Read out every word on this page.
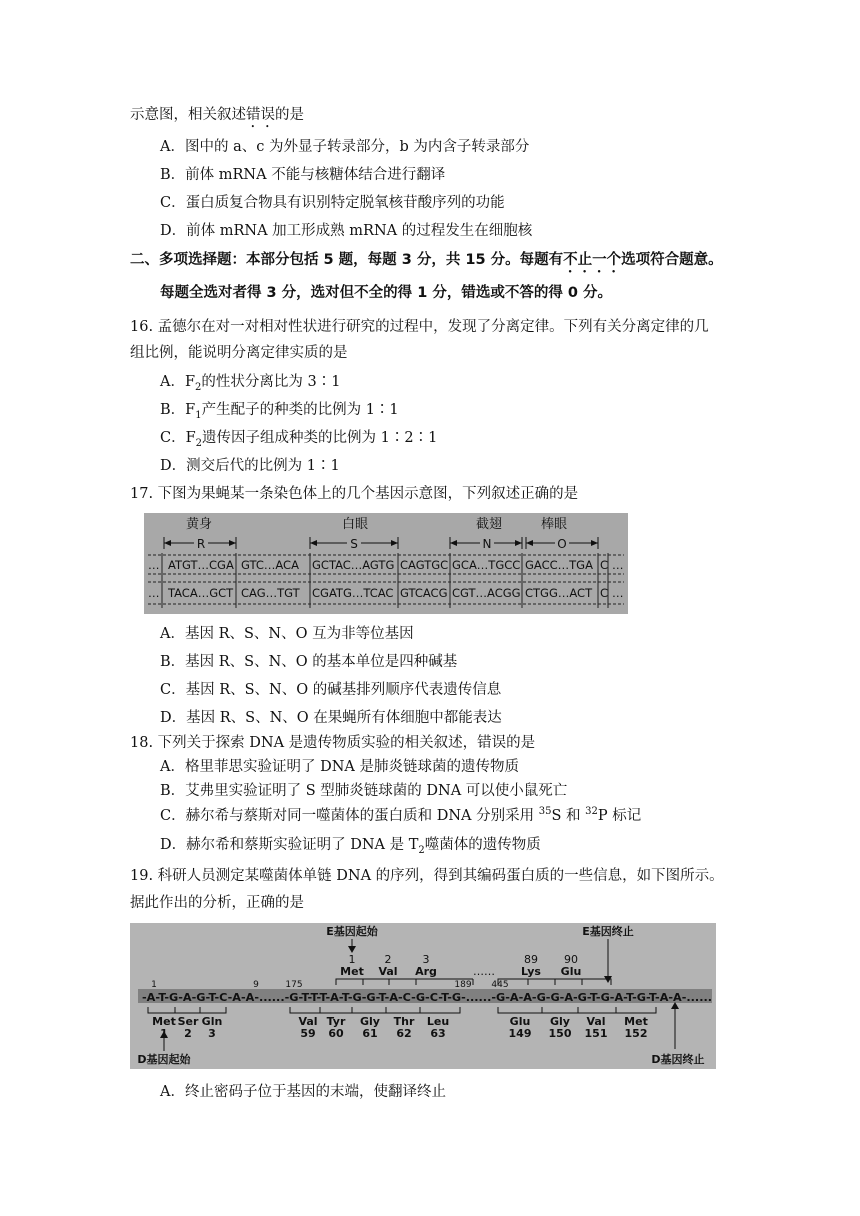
示意图，相关叙述错误的是
A．图中的 a、c 为外显子转录部分，b 为内含子转录部分
B．前体 mRNA 不能与核糖体结合进行翻译
C．蛋白质复合物具有识别特定脱氧核苷酸序列的功能
D．前体 mRNA 加工形成熟 mRNA 的过程发生在细胞核
二、多项选择题：本部分包括 5 题，每题 3 分，共 15 分。每题有不止一个选项符合题意。
每题全选对者得 3 分，选对但不全的得 1 分，错选或不答的得 0 分。
16. 孟德尔在对一对相对性状进行研究的过程中，发现了分离定律。下列有关分离定律的几
组比例，能说明分离定律实质的是
A．$F_2$的性状分离比为 3∶1
B．$F_1$产生配子的种类的比例为 1∶1
C．$F_2$遗传因子组成种类的比例为 1∶2∶1
D．测交后代的比例为 1∶1
17. 下图为果蝇某一条染色体上的几个基因示意图，下列叙述正确的是
黄身	白眼	截翅	棒眼
R	S	N	O
… ATGT…CGA GTC…ACA GCTAC…AGTG CAGTGC GCA…TGCC GACC…TGA C …
… TACA…GCT CAG…TGT CGATG…TCAC GTCACG CGT…ACGG CTGG…ACT C …
A．基因 R、S、N、O 互为非等位基因
B．基因 R、S、N、O 的基本单位是四种碱基
C．基因 R、S、N、O 的碱基排列顺序代表遗传信息
D．基因 R、S、N、O 在果蝇所有体细胞中都能表达
18. 下列关于探索 DNA 是遗传物质实验的相关叙述，错误的是
A．格里菲思实验证明了 DNA 是肺炎链球菌的遗传物质
B．艾弗里实验证明了 S 型肺炎链球菌的 DNA 可以使小鼠死亡
C．赫尔希与蔡斯对同一噬菌体的蛋白质和 DNA 分别采用 $^{35}$S 和 $^{32}$P 标记
D．赫尔希和蔡斯实验证明了 DNA 是 $T_2$噬菌体的遗传物质
19. 科研人员测定某噬菌体单链 DNA 的序列，得到其编码蛋白质的一些信息，如下图所示。
据此作出的分析，正确的是
E基因起始	E基因终止
D基因起始	D基因终止
1	2	3	89 90
Met Val Arg	Lys Glu
……
1	9	175	189 445
-A-T-G-A-G-T-C-A-A-......-G-T-T-T-A-T-G-G-T-A-C-G-C-T-G-......-G-A-A-G-G-A-G-T-G-A-T-G-T-A-A-......
Met
1
Ser
2
Gln
3
Val
59
Tyr
60
Gly
61
Thr
62
Leu
63
Glu
149
Gly
150
Val
151
Met
152
A．终止密码子位于基因的末端，使翻译终止
